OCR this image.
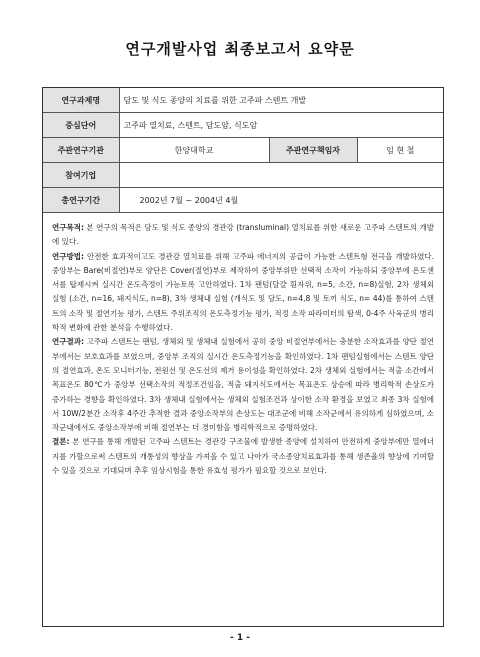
연구개발사업 최종보고서 요약문
연구과제명	담도 및 식도 종양의 치료를 위한 고주파 스텐트 개발		
중심단어	고주파 열치료, 스텐트, 담도암, 식도암		
주관연구기관	한양대학교	주관연구책임자	임 현 철
참여기업			
총연구기간	2002년 7월 ~ 2004년 4월		

연구목적: 본 연구의 목적은 담도 및 식도 종양의 경관강 (transluminal) 열치료를 위한 새로운 고주파 스텐트의 개발에 있다.

연구방법: 안전한 효과적이고도 경관강 열치료를 위해 고주파 에너지의 공급이 가능한 스텐트형 전극을 개발하였다. 중앙부는 Bare(비절연)부로 양단은 Cover(절연)부로 제작하여 중앙부위만 선택적 소작이 가능하되 중앙부에 온도센서를 탑재시켜 실시간 온도측정이 가능토록 고안하였다. 1차 팬텀(달걀 흰자위, n=5, 소간, n=8)실험, 2차 생체외 실험 (소간, n=16, 돼지식도, n=8), 3차 생체내 실험 (개식도 및 담도, n=4,8 및 토끼 식도, n= 44)를 통하여 스텐트의 소작 및 절연기능 평가, 스텐트 주위조직의 온도측정기능 평가, 적정 소작 파라미터의 탐색, 0-4주 사육군의 병리학적 변화에 관한 분석을 수행하였다.

연구결과: 고주파 스텐트는 팬텀, 생체외 및 생체내 실험에서 공히 중앙 비절연부에서는 충분한 소작효과를 양단 절연부에서는 보호효과를 보였으며, 중앙부 조직의 실시간 온도측정기능을 확인하였다. 1차 팬텀실험에서는 스텐트 양단의 절연효과, 온도 모니터기능, 전원선 및 온도선의 제거 용이성을 확인하였다. 2차 생체외 실험에서는 적출 소간에서 목표온도 80℃가 중앙부 선택소작의 적정조건임을, 적출 돼지식도에서는 목표온도 상승에 따라 병리학적 손상도가 증가하는 경향을 확인하였다. 3차 생체내 실험에서는 생체외 실험조건과 상이한 소작 환경을 보였고 최종 3차 실험에서 10W/2분간 소작후 4주간 추적한 결과 중앙소작부의 손상도는 대조군에 비해 소작군에서 유의하게 심하였으며, 소작군내에서도 중앙소작부에 비해 절연부는 더 경미함을 병리학적으로 증명하였다.

결론: 본 연구를 통해 개발된 고주파 스텐트는 경관강 구조물에 발생한 종양에 설치하여 안전하게 중앙부에만 열에너지를 가할으로써 스텐트의 개통성의 향상을 가져올 수 있고 나아가 국소종양치료효과를 통해 생존율의 향상에 기여할 수 있을 것으로 기대되며 추후 임상시험을 통한 유효성 평가가 필요할 것으로 보인다.

- 1 -
